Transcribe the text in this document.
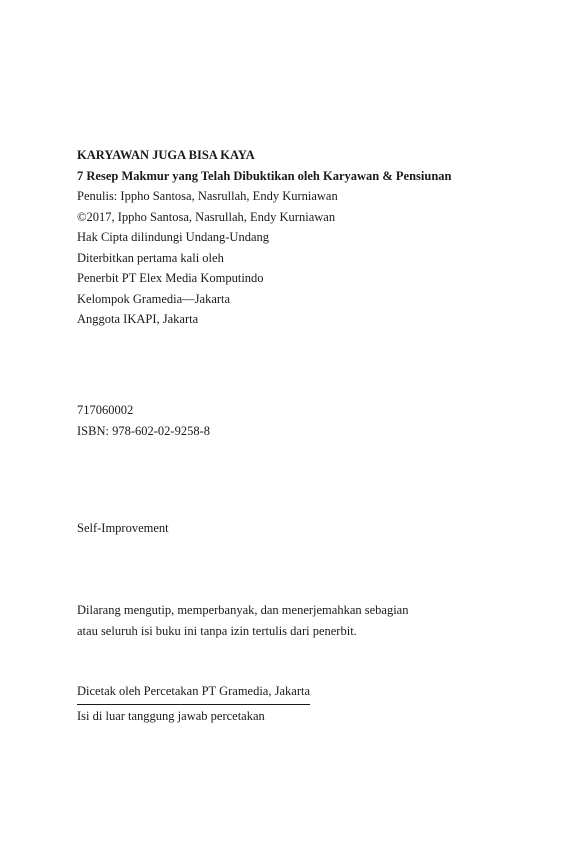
KARYAWAN JUGA BISA KAYA
7 Resep Makmur yang Telah Dibuktikan oleh Karyawan & Pensiunan
Penulis: Ippho Santosa, Nasrullah, Endy Kurniawan
©2017, Ippho Santosa, Nasrullah, Endy Kurniawan
Hak Cipta dilindungi Undang-Undang
Diterbitkan pertama kali oleh
Penerbit PT Elex Media Komputindo
Kelompok Gramedia—Jakarta
Anggota IKAPI, Jakarta
717060002
ISBN: 978-602-02-9258-8
Self-Improvement
Dilarang mengutip, memperbanyak, dan menerjemahkan sebagian
atau seluruh isi buku ini tanpa izin tertulis dari penerbit.
Dicetak oleh Percetakan PT Gramedia, Jakarta
Isi di luar tanggung jawab percetakan
